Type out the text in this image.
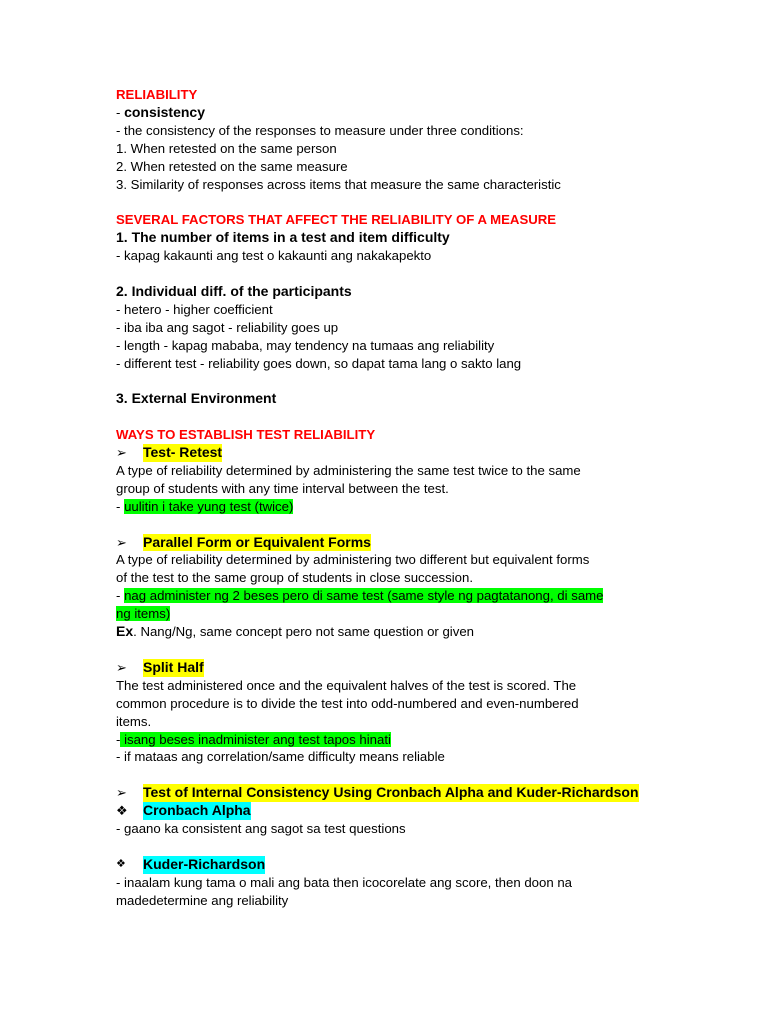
RELIABILITY
- consistency
- the consistency of the responses to measure under three conditions:
1. When retested on the same person
2. When retested on the same measure
3. Similarity of responses across items that measure the same characteristic
SEVERAL FACTORS THAT AFFECT THE RELIABILITY OF A MEASURE
1. The number of items in a test and item difficulty
- kapag kakaunti ang test o kakaunti ang nakakapekto
2. Individual diff. of the participants
- hetero - higher coefficient
- iba iba ang sagot - reliability goes up
- length - kapag mababa, may tendency na tumaas ang reliability
- different test - reliability goes down, so dapat tama lang o sakto lang
3. External Environment
WAYS TO ESTABLISH TEST RELIABILITY
➢	Test- Retest
A type of reliability determined by administering the same test twice to the same
group of students with any time interval between the test.
- uulitin i take yung test (twice)
➢	Parallel Form or Equivalent Forms
A type of reliability determined by administering two different but equivalent forms
of the test to the same group of students in close succession.
- nag administer ng 2 beses pero di same test (same style ng pagtatanong, di same
ng items)
Ex. Nang/Ng, same concept pero not same question or given
➢	Split Half
The test administered once and the equivalent halves of the test is scored. The
common procedure is to divide the test into odd-numbered and even-numbered
items.
- isang beses inadminister ang test tapos hinati
- if mataas ang correlation/same difficulty means reliable
➢	Test of Internal Consistency Using Cronbach Alpha and Kuder-Richardson
❖	Cronbach Alpha
- gaano ka consistent ang sagot sa test questions
❖	Kuder-Richardson
- inaalam kung tama o mali ang bata then icocorelate ang score, then doon na
madedetermine ang reliability
